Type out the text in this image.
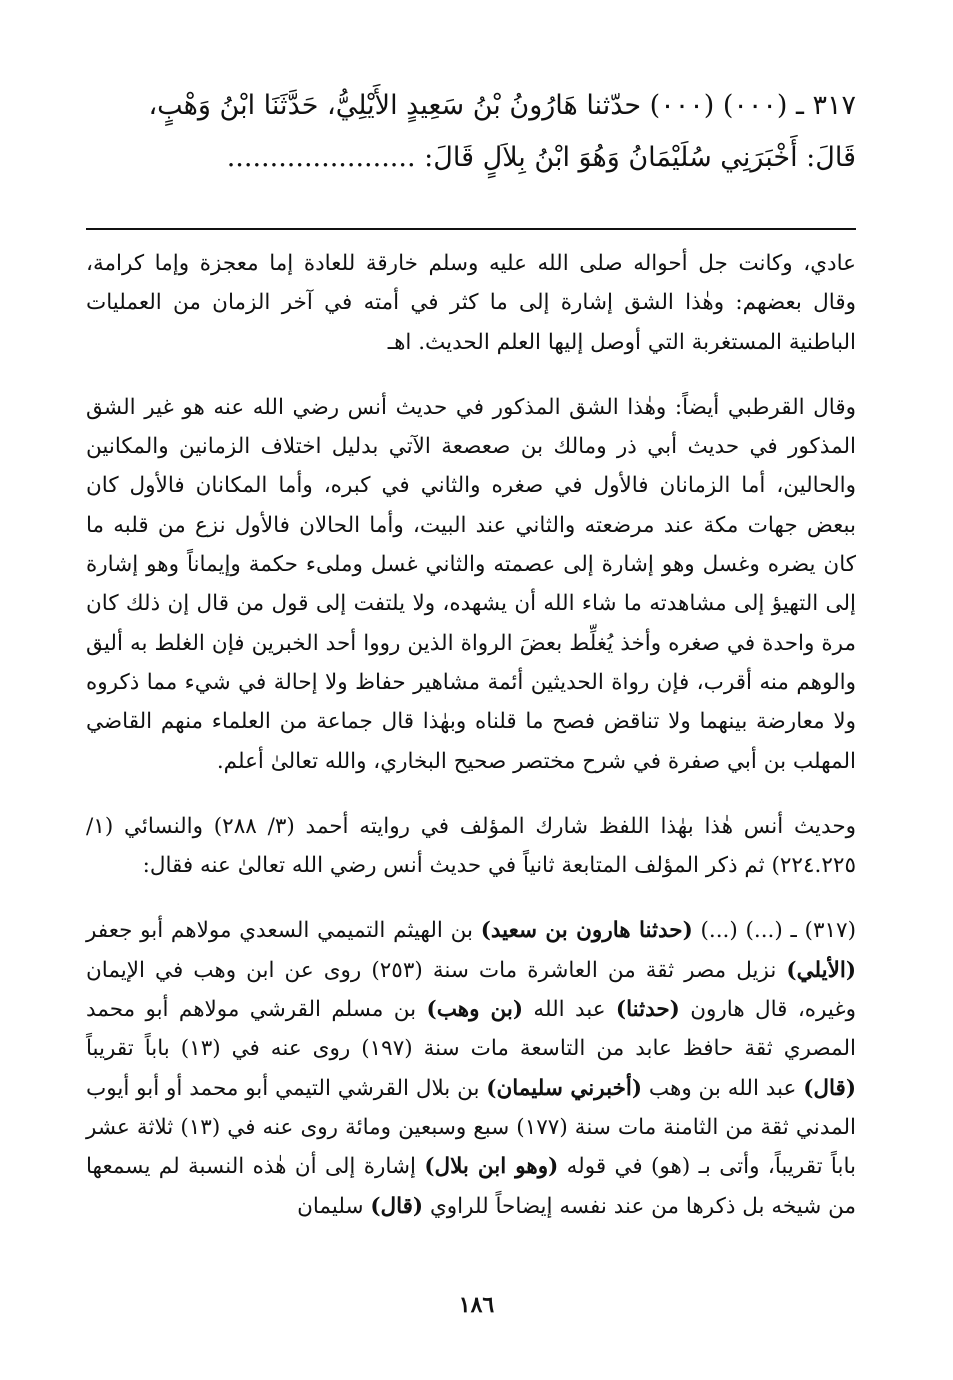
٣١٧ ـ (٠٠٠) (٠٠٠) حدّثنا هَارُونُ بْنُ سَعِيدٍ الأَيْلِيُّ، حَدَّثَنَا ابْنُ وَهْبٍ،
قَالَ: أَخْبَرَنِي سُلَيْمَانُ وَهُوَ ابْنُ بِلاَلٍ قَالَ: ......................

عادي، وكانت جل أحواله صلى الله عليه وسلم خارقة للعادة إما معجزة وإما كرامة، وقال بعضهم: وهٰذا الشق إشارة إلى ما كثر في أمته في آخر الزمان من العمليات الباطنية المستغربة التي أوصل إليها العلم الحديث. اهـ

وقال القرطبي أيضاً: وهٰذا الشق المذكور في حديث أنس رضي الله عنه هو غير الشق المذكور في حديث أبي ذر ومالك بن صعصعة الآتي بدليل اختلاف الزمانين والمكانين والحالين، أما الزمانان فالأول في صغره والثاني في كبره، وأما المكانان فالأول كان ببعض جهات مكة عند مرضعته والثاني عند البيت، وأما الحالان فالأول نزع من قلبه ما كان يضره وغسل وهو إشارة إلى عصمته والثاني غسل وملىء حكمة وإيماناً وهو إشارة إلى التهيؤ إلى مشاهدته ما شاء الله أن يشهده، ولا يلتفت إلى قول من قال إن ذلك كان مرة واحدة في صغره وأخذ يُغلِّط بعضَ الرواة الذين رووا أحد الخبرين فإن الغلط به أليق والوهم منه أقرب، فإن رواة الحديثين أئمة مشاهير حفاظ ولا إحالة في شيء مما ذكروه ولا معارضة بينهما ولا تناقض فصح ما قلناه وبهٰذا قال جماعة من العلماء منهم القاضي المهلب بن أبي صفرة في شرح مختصر صحيح البخاري، والله تعالىٰ أعلم.

وحديث أنس هٰذا بهٰذا اللفظ شارك المؤلف في روايته أحمد (٣/ ٢٨٨) والنسائي (١/ ٢٢٤.٢٢٥) ثم ذكر المؤلف المتابعة ثانياً في حديث أنس رضي الله تعالىٰ عنه فقال:

(٣١٧) ـ (...) (...) (حدثنا هارون بن سعيد) بن الهيثم التميمي السعدي مولاهم أبو جعفر (الأيلي) نزيل مصر ثقة من العاشرة مات سنة (٢٥٣) روى عن ابن وهب في الإيمان وغيره، قال هارون (حدثنا) عبد الله (بن وهب) بن مسلم القرشي مولاهم أبو محمد المصري ثقة حافظ عابد من التاسعة مات سنة (١٩٧) روى عنه في (١٣) باباً تقريباً (قال) عبد الله بن وهب (أخبرني سليمان) بن بلال القرشي التيمي أبو محمد أو أبو أيوب المدني ثقة من الثامنة مات سنة (١٧٧) سبع وسبعين ومائة روى عنه في (١٣) ثلاثة عشر باباً تقريباً، وأتى بـ (هو) في قوله (وهو ابن بلال) إشارة إلى أن هٰذه النسبة لم يسمعها من شيخه بل ذكرها من عند نفسه إيضاحاً للراوي (قال) سليمان

١٨٦
